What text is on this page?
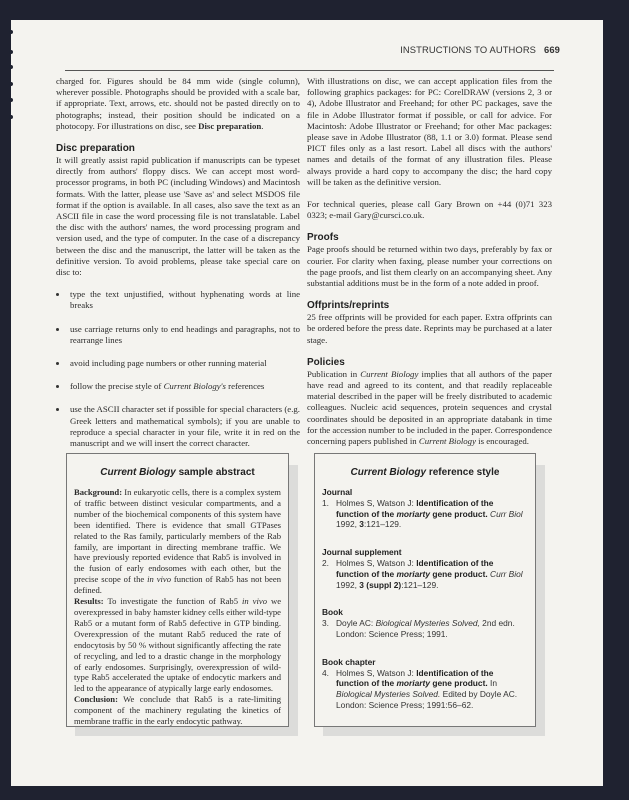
INSTRUCTIONS TO AUTHORS 669

charged for. Figures should be 84 mm wide (single column), wherever possible. Photographs should be provided with a scale bar, if appropriate. Text, arrows, etc. should not be pasted directly on to photographs; instead, their position should be indicated on a photocopy. For illustrations on disc, see Disc preparation.

Disc preparation

It will greatly assist rapid publication if manuscripts can be typeset directly from authors' floppy discs. We can accept most word-processor programs, in both PC (including Windows) and Macintosh formats. With the latter, please use 'Save as' and select MSDOS file format if the option is available. In all cases, also save the text as an ASCII file in case the word processing file is not translatable. Label the disc with the authors' names, the word processing program and version used, and the type of computer. In the case of a discrepancy between the disc and the manuscript, the latter will be taken as the definitive version. To avoid problems, please take special care on disc to:

type the text unjustified, without hyphenating words at line breaks
use carriage returns only to end headings and paragraphs, not to rearrange lines
avoid including page numbers or other running material
follow the precise style of Current Biology's references
use the ASCII character set if possible for special characters (e.g. Greek letters and mathematical symbols); if you are unable to reproduce a special character in your file, write it in red on the manuscript and we will insert the correct character.

With illustrations on disc, we can accept application files from the following graphics packages: for PC: CorelDRAW (versions 2, 3 or 4), Adobe Illustrator and Freehand; for other PC packages, save the file in Adobe Illustrator format if possible, or call for advice. For Macintosh: Adobe Illustrator or Freehand; for other Mac packages: please save in Adobe Illustrator (88, 1.1 or 3.0) format. Please send PICT files only as a last resort. Label all discs with the authors' names and details of the format of any illustration files. Please always provide a hard copy to accompany the disc; the hard copy will be taken as the definitive version.

For technical queries, please call Gary Brown on +44 (0)71 323 0323; e-mail Gary@cursci.co.uk.

Proofs

Page proofs should be returned within two days, preferably by fax or courier. For clarity when faxing, please number your corrections on the page proofs, and list them clearly on an accompanying sheet. Any substantial additions must be in the form of a note added in proof.

Offprints/reprints

25 free offprints will be provided for each paper. Extra offprints can be ordered before the press date. Reprints may be purchased at a later stage.

Policies

Publication in Current Biology implies that all authors of the paper have read and agreed to its content, and that readily replaceable material described in the paper will be freely distributed to academic colleagues. Nucleic acid sequences, protein sequences and crystal coordinates should be deposited in an appropriate databank in time for the accession number to be included in the paper. Correspondence concerning papers published in Current Biology is encouraged.

Current Biology sample abstract

Background: In eukaryotic cells, there is a complex system of traffic between distinct vesicular compartments, and a number of the biochemical components of this system have been identified. There is evidence that small GTPases related to the Ras family, particularly members of the Rab family, are important in directing membrane traffic. We have previously reported evidence that Rab5 is involved in the fusion of early endosomes with each other, but the precise scope of the in vivo function of Rab5 has not been defined.

Results: To investigate the function of Rab5 in vivo we overexpressed in baby hamster kidney cells either wild-type Rab5 or a mutant form of Rab5 defective in GTP binding. Overexpression of the mutant Rab5 reduced the rate of endocytosis by 50 % without significantly affecting the rate of recycling, and led to a drastic change in the morphology of early endosomes. Surprisingly, overexpression of wild-type Rab5 accelerated the uptake of endocytic markers and led to the appearance of atypically large early endosomes.

Conclusion: We conclude that Rab5 is a rate-limiting component of the machinery regulating the kinetics of membrane traffic in the early endocytic pathway.

Current Biology reference style
Journal
1. Holmes S, Watson J: Identification of the function of the moriarty gene product. Curr Biol 1992, 3:121–129.
Journal supplement
2. Holmes S, Watson J: Identification of the function of the moriarty gene product. Curr Biol 1992, 3 (suppl 2):121–129.
Book
3. Doyle AC: Biological Mysteries Solved, 2nd edn. London: Science Press; 1991.
Book chapter
4. Holmes S, Watson J: Identification of the function of the moriarty gene product. In Biological Mysteries Solved. Edited by Doyle AC. London: Science Press; 1991:56–62.
